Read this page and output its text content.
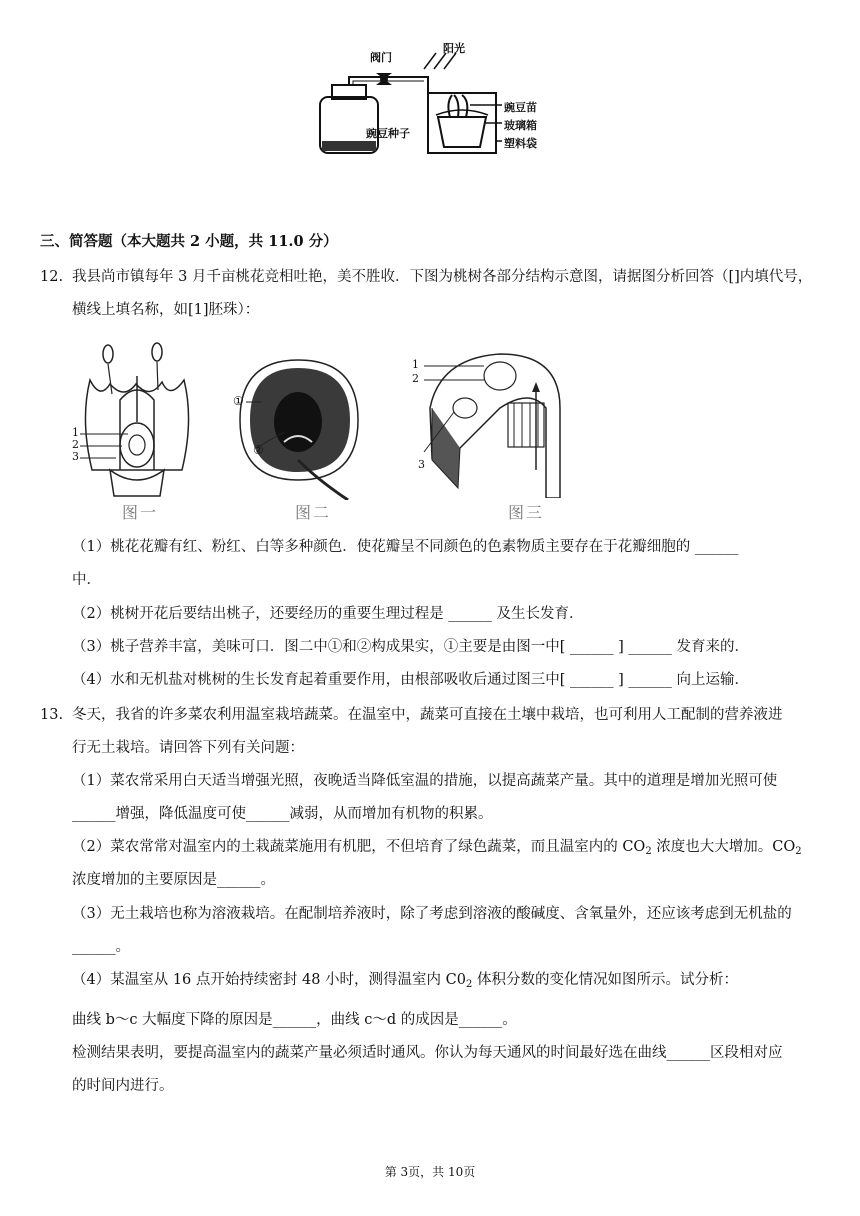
阀门
阳光
豌豆种子
豌豆苗
玻璃箱
塑料袋
三、简答题（本大题共 2 小题，共 11.0 分）
12. 我县尚市镇每年 3 月千亩桃花竞相吐艳，美不胜收．下图为桃树各部分结构示意图，请据图分析回答（[]内填代号，
横线上填名称，如[1]胚珠）：
1
2
3
图一
①
②
图二
1
2
3
图三
（1）桃花花瓣有红、粉红、白等多种颜色．使花瓣呈不同颜色的色素物质主要存在于花瓣细胞的 ______
中．
（2）桃树开花后要结出桃子，还要经历的重要生理过程是 ______ 及生长发育．
（3）桃子营养丰富，美味可口．图二中①和②构成果实，①主要是由图一中[ ______ ] ______ 发育来的．
（4）水和无机盐对桃树的生长发育起着重要作用，由根部吸收后通过图三中[ ______ ] ______ 向上运输．
13. 冬天，我省的许多菜农利用温室栽培蔬菜。在温室中，蔬菜可直接在土壤中栽培，也可利用人工配制的营养液进
行无土栽培。请回答下列有关问题：
（1）菜农常采用白天适当增强光照，夜晚适当降低室温的措施，以提高蔬菜产量。其中的道理是增加光照可使
______增强，降低温度可使______减弱，从而增加有机物的积累。
（2）菜农常常对温室内的土栽蔬菜施用有机肥，不但培育了绿色蔬菜，而且温室内的 $CO_2$ 浓度也大大增加。$CO_2$
浓度增加的主要原因是______。
（3）无土栽培也称为溶液栽培。在配制培养液时，除了考虑到溶液的酸碱度、含氧量外，还应该考虑到无机盐的
______。
（4）某温室从 16 点开始持续密封 48 小时，测得温室内 $C0_2$ 体积分数的变化情况如图所示。试分析：
曲线 b～c 大幅度下降的原因是______，曲线 c～d 的成因是______。
检测结果表明，要提高温室内的蔬菜产量必须适时通风。你认为每天通风的时间最好选在曲线______区段相对应
的时间内进行。
第 3页，共 10页
